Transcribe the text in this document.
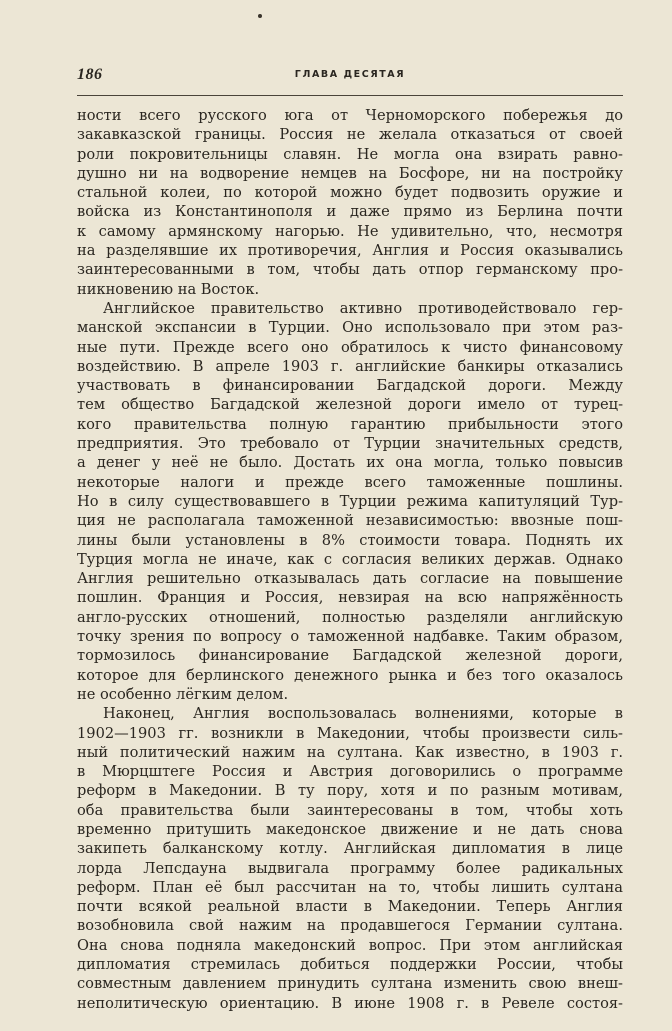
186	ГЛАВА ДЕСЯТАЯ
ности всего русского юга от Черноморского побережья до
закавказской границы. Россия не желала отказаться от своей
роли покровительницы славян. Не могла она взирать равно-
душно ни на водворение немцев на Босфоре, ни на постройку
стальной колеи, по которой можно будет подвозить оружие и
войска из Константинополя и даже прямо из Берлина почти
к самому армянскому нагорью. Не удивительно, что, несмотря
на разделявшие их противоречия, Англия и Россия оказывались
заинтересованными в том, чтобы дать отпор германскому про-
никновению на Восток.
Английское правительство активно противодействовало гер-
манской экспансии в Турции. Оно использовало при этом раз-
ные пути. Прежде всего оно обратилось к чисто финансовому
воздействию. В апреле 1903 г. английские банкиры отказались
участвовать в финансировании Багдадской дороги. Между
тем общество Багдадской железной дороги имело от турец-
кого правительства полную гарантию прибыльности этого
предприятия. Это требовало от Турции значительных средств,
а денег у неё не было. Достать их она могла, только повысив
некоторые налоги и прежде всего таможенные пошлины.
Но в силу существовавшего в Турции режима капитуляций Тур-
ция не располагала таможенной независимостью: ввозные пош-
лины были установлены в 8% стоимости товара. Поднять их
Турция могла не иначе, как с согласия великих держав. Однако
Англия решительно отказывалась дать согласие на повышение
пошлин. Франция и Россия, невзирая на всю напряжённость
англо-русских отношений, полностью разделяли английскую
точку зрения по вопросу о таможенной надбавке. Таким образом,
тормозилось финансирование Багдадской железной дороги,
которое для берлинского денежного рынка и без того оказалось
не особенно лёгким делом.
Наконец, Англия воспользовалась волнениями, которые в
1902—1903 гг. возникли в Македонии, чтобы произвести силь-
ный политический нажим на султана. Как известно, в 1903 г.
в Мюрцштеге Россия и Австрия договорились о программе
реформ в Македонии. В ту пору, хотя и по разным мотивам,
оба правительства были заинтересованы в том, чтобы хоть
временно притушить македонское движение и не дать снова
закипеть балканскому котлу. Английская дипломатия в лице
лорда Лепсдауна выдвигала программу более радикальных
реформ. План её был рассчитан на то, чтобы лишить султана
почти всякой реальной власти в Македонии. Теперь Англия
возобновила свой нажим на продавшегося Германии султана.
Она снова подняла македонский вопрос. При этом английская
дипломатия стремилась добиться поддержки России, чтобы
совместным давлением принудить султана изменить свою внеш-
неполитическую ориентацию. В июне 1908 г. в Ревеле состоя-
